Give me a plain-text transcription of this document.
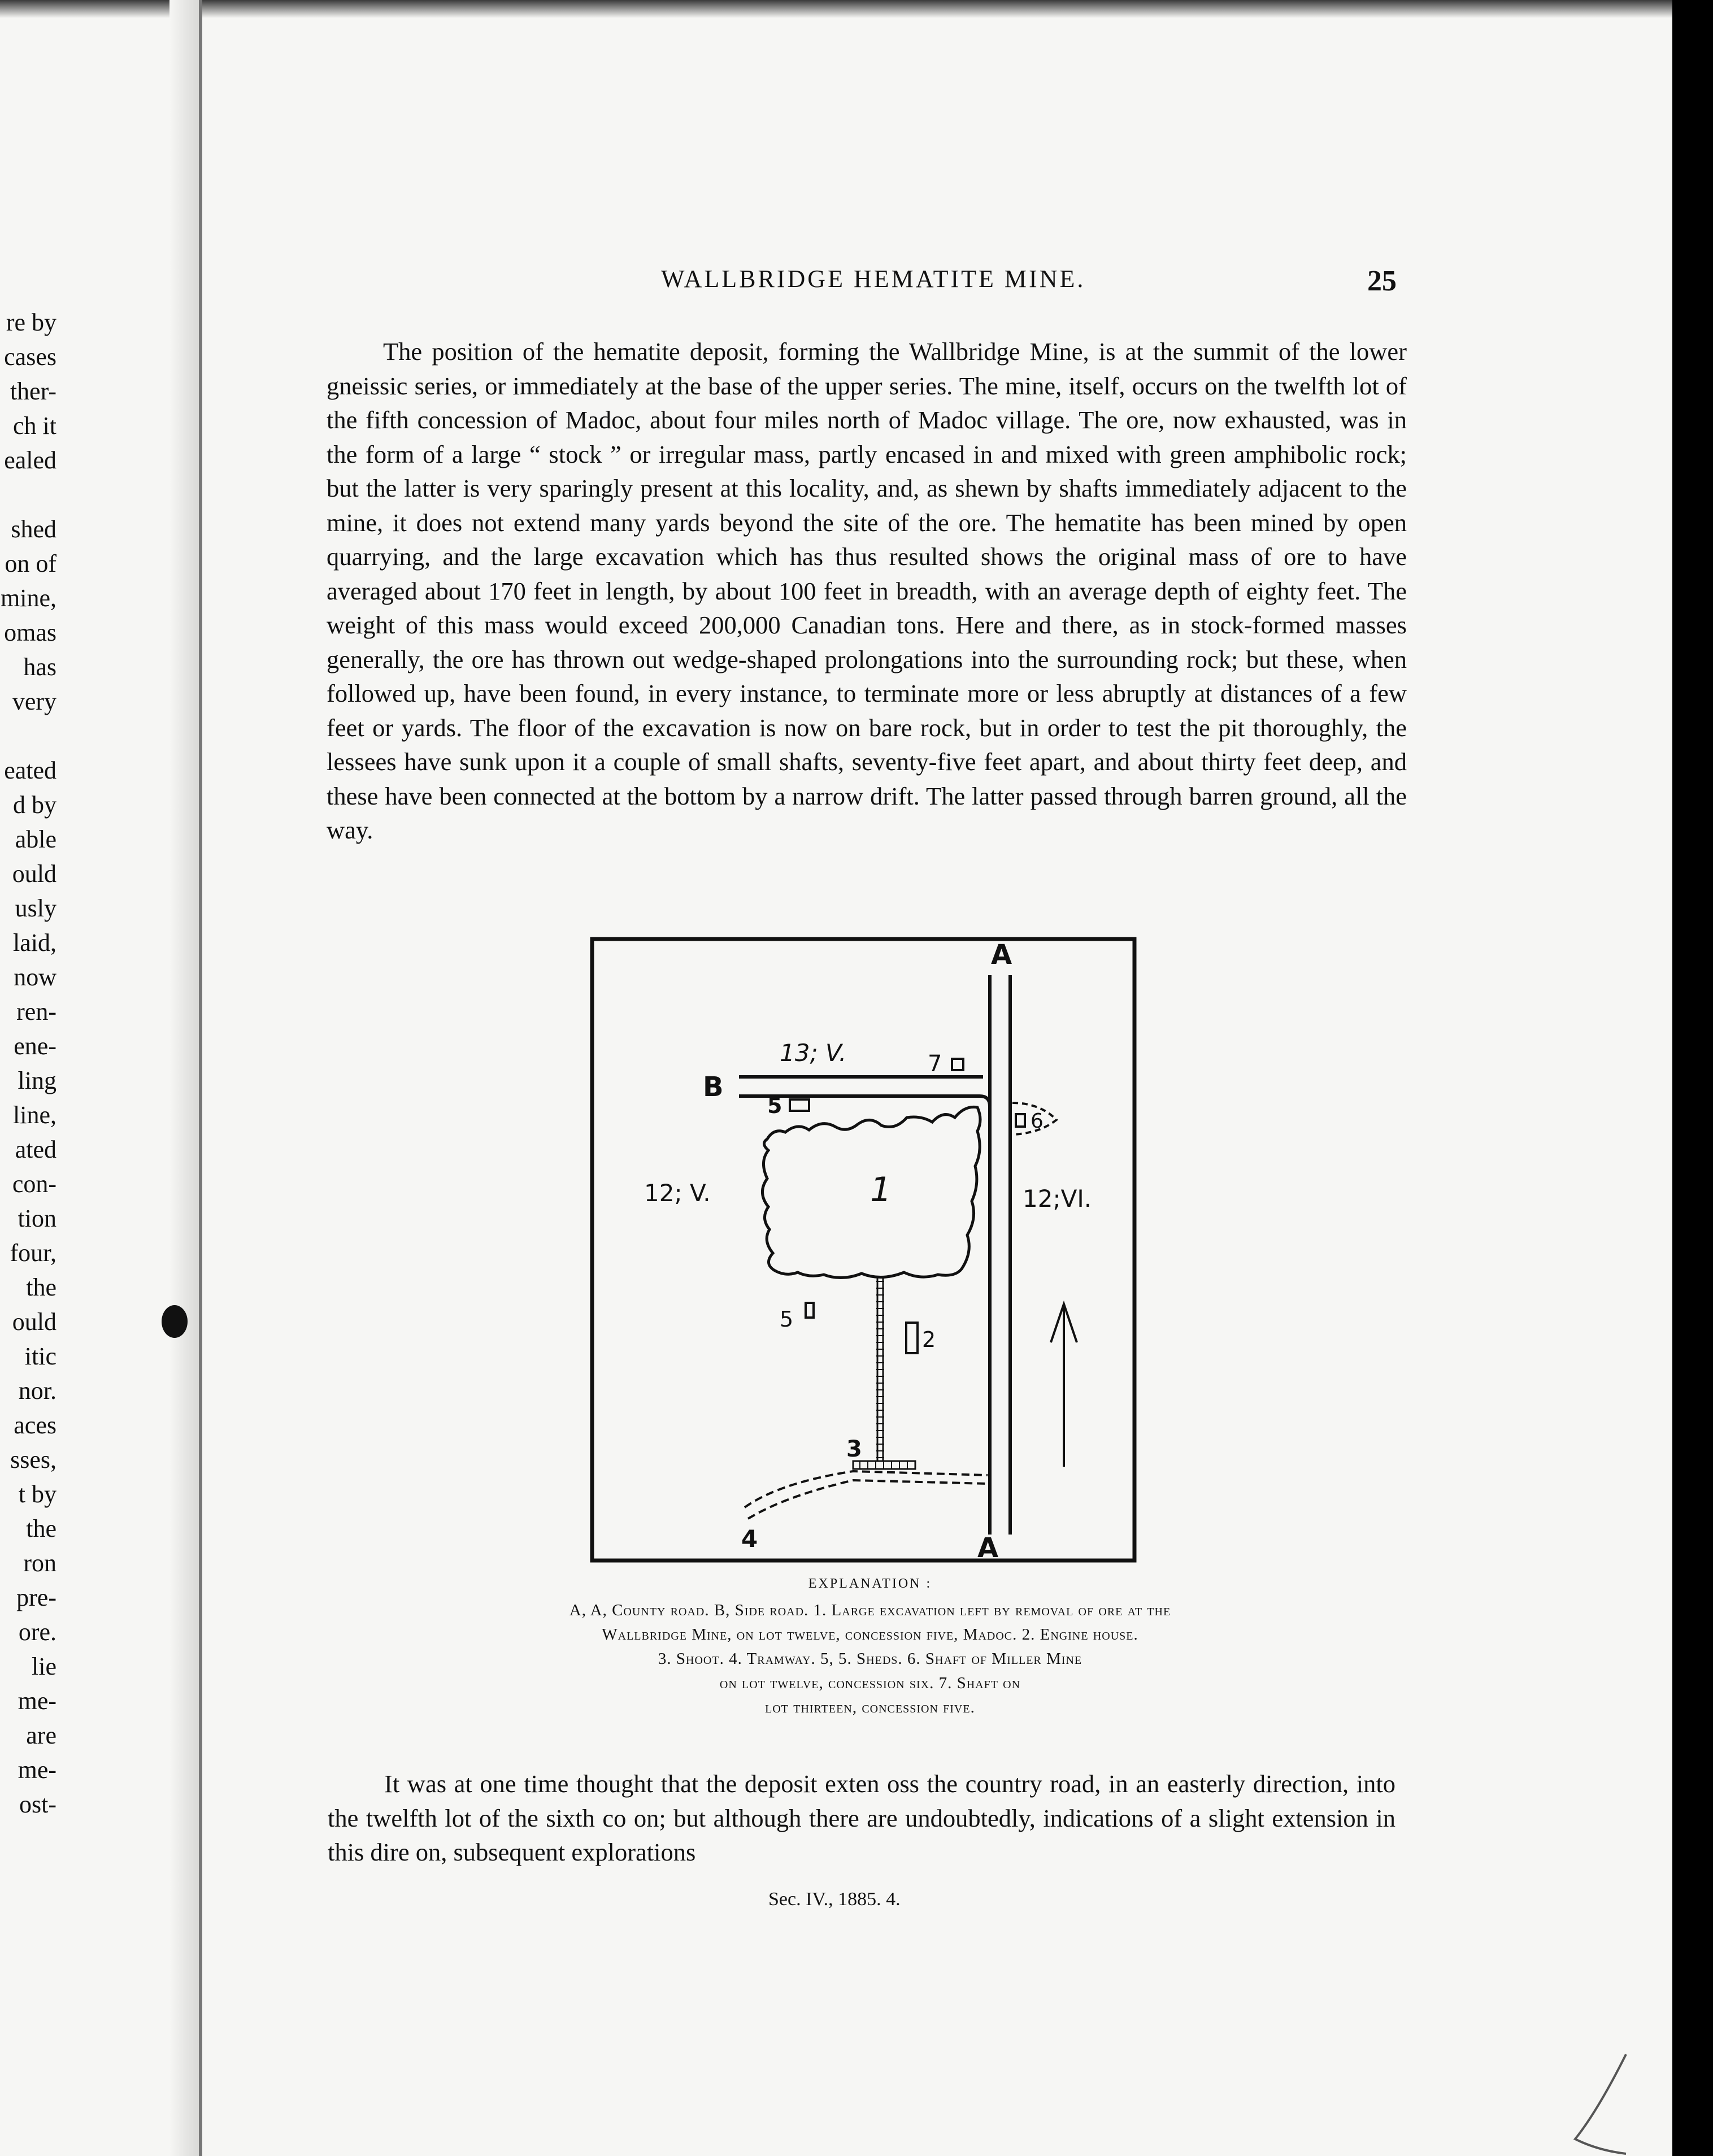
re by
cases
ther-
ch it
ealed
shed
on of
mine,
omas
has
very
eated
d by
able
ould
usly
laid,
now
ren-
ene-
ling
line,
ated
con-
tion
four,
the
ould
itic
nor.
aces
sses,
t by
the
ron
pre-
ore.
lie
me-
are
me-
ost-
WALLBRIDGE HEMATITE MINE.	25

The position of the hematite deposit, forming the Wallbridge Mine, is at the summit of the lower gneissic series, or immediately at the base of the upper series. The mine, itself, occurs on the twelfth lot of the fifth concession of Madoc, about four miles north of Madoc village. The ore, now exhausted, was in the form of a large “ stock ” or irregular mass, partly encased in and mixed with green amphibolic rock; but the latter is very sparingly present at this locality, and, as shewn by shafts immediately adjacent to the mine, it does not extend many yards beyond the site of the ore. The hematite has been mined by open quarrying, and the large excavation which has thus resulted shows the original mass of ore to have averaged about 170 feet in length, by about 100 feet in breadth, with an average depth of eighty feet. The weight of this mass would exceed 200,000 Canadian tons. Here and there, as in stock-formed masses generally, the ore has thrown out wedge-shaped prolongations into the surrounding rock; but these, when followed up, have been found, in every instance, to terminate more or less abruptly at distances of a few feet or yards. The floor of the excavation is now on bare rock, but in order to test the pit thoroughly, the lessees have sunk upon it a couple of small shafts, seventy-five feet apart, and about thirty feet deep, and these have been connected at the bottom by a narrow drift. The latter passed through barren ground, all the way.

A
A
B
13; V.
12; V.	12;VI.
1
2
3
4
5
5
6
7
EXPLANATION :
A, A, County road. B, Side road. 1. Large excavation left by removal of ore at the
Wallbridge Mine, on lot twelve, concession five, Madoc. 2. Engine house.
3. Shoot. 4. Tramway. 5, 5. Sheds. 6. Shaft of Miller Mine
on lot twelve, concession six. 7. Shaft on
lot thirteen, concession five.

It was at one time thought that the deposit exten oss the country road, in an easterly direction, into the twelfth lot of the sixth co on; but although there are undoubtedly, indications of a slight extension in this dire on, subsequent explorations

Sec. IV., 1885. 4.
